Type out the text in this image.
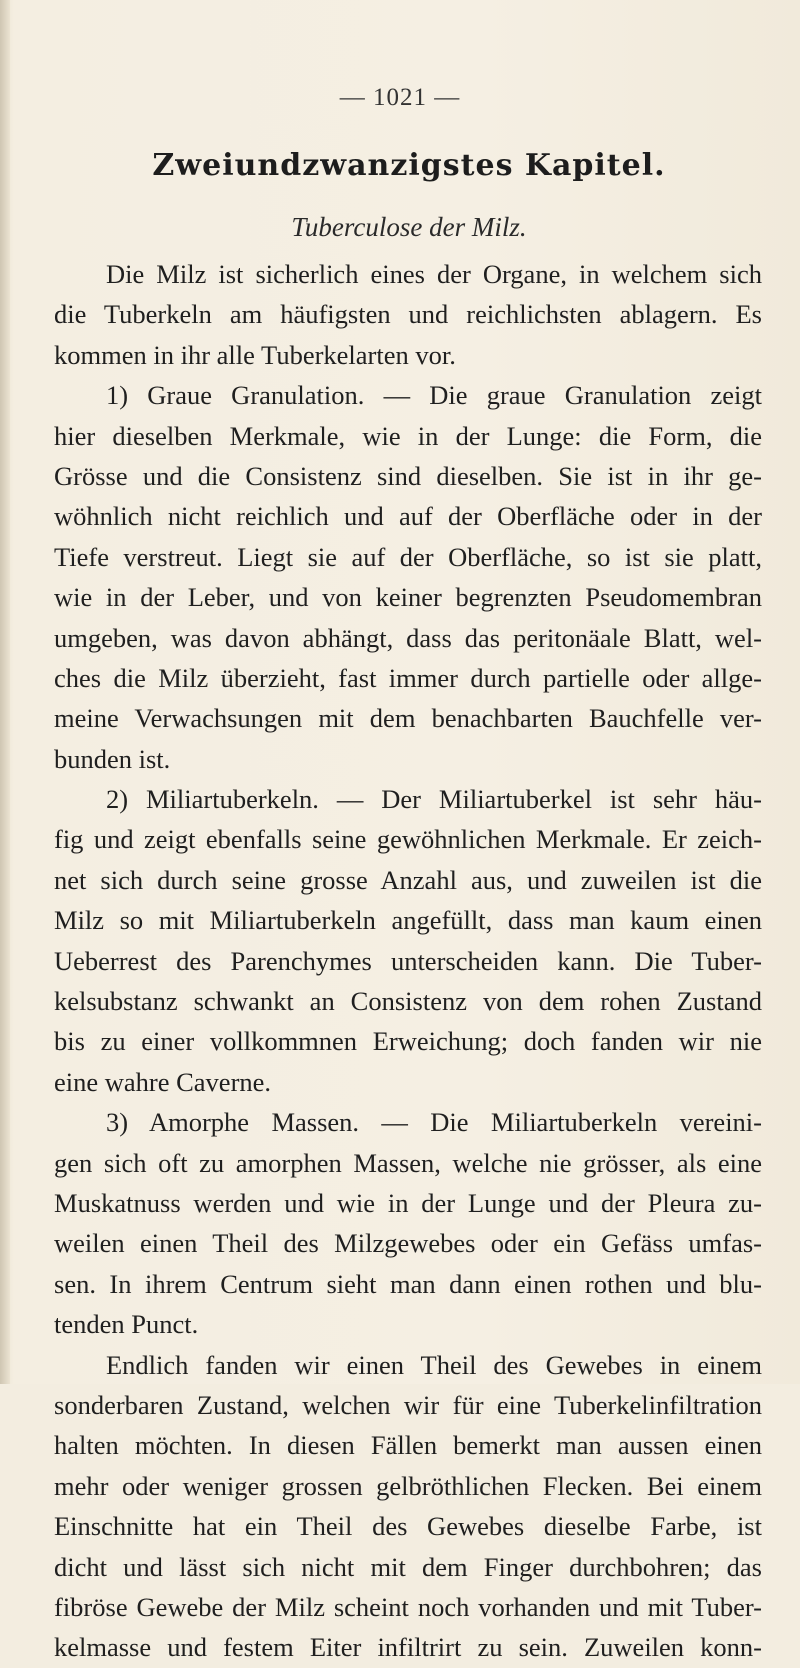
— 1021 —
Zweiundzwanzigstes Kapitel.
Tuberculose der Milz.
Die Milz ist sicherlich eines der Organe, in welchem sich
die Tuberkeln am häufigsten und reichlichsten ablagern. Es
kommen in ihr alle Tuberkelarten vor.
1) Graue Granulation. — Die graue Granulation zeigt
hier dieselben Merkmale, wie in der Lunge: die Form, die
Grösse und die Consistenz sind dieselben. Sie ist in ihr ge-
wöhnlich nicht reichlich und auf der Oberfläche oder in der
Tiefe verstreut. Liegt sie auf der Oberfläche, so ist sie platt,
wie in der Leber, und von keiner begrenzten Pseudomembran
umgeben, was davon abhängt, dass das peritonäale Blatt, wel-
ches die Milz überzieht, fast immer durch partielle oder allge-
meine Verwachsungen mit dem benachbarten Bauchfelle ver-
bunden ist.
2) Miliartuberkeln. — Der Miliartuberkel ist sehr häu-
fig und zeigt ebenfalls seine gewöhnlichen Merkmale. Er zeich-
net sich durch seine grosse Anzahl aus, und zuweilen ist die
Milz so mit Miliartuberkeln angefüllt, dass man kaum einen
Ueberrest des Parenchymes unterscheiden kann. Die Tuber-
kelsubstanz schwankt an Consistenz von dem rohen Zustand
bis zu einer vollkommnen Erweichung; doch fanden wir nie
eine wahre Caverne.
3) Amorphe Massen. — Die Miliartuberkeln vereini-
gen sich oft zu amorphen Massen, welche nie grösser, als eine
Muskatnuss werden und wie in der Lunge und der Pleura zu-
weilen einen Theil des Milzgewebes oder ein Gefäss umfas-
sen. In ihrem Centrum sieht man dann einen rothen und blu-
tenden Punct.
Endlich fanden wir einen Theil des Gewebes in einem
sonderbaren Zustand, welchen wir für eine Tuberkelinfiltration
halten möchten. In diesen Fällen bemerkt man aussen einen
mehr oder weniger grossen gelbröthlichen Flecken. Bei einem
Einschnitte hat ein Theil des Gewebes dieselbe Farbe, ist
dicht und lässt sich nicht mit dem Finger durchbohren; das
fibröse Gewebe der Milz scheint noch vorhanden und mit Tuber-
kelmasse und festem Eiter infiltrirt zu sein. Zuweilen konn-
